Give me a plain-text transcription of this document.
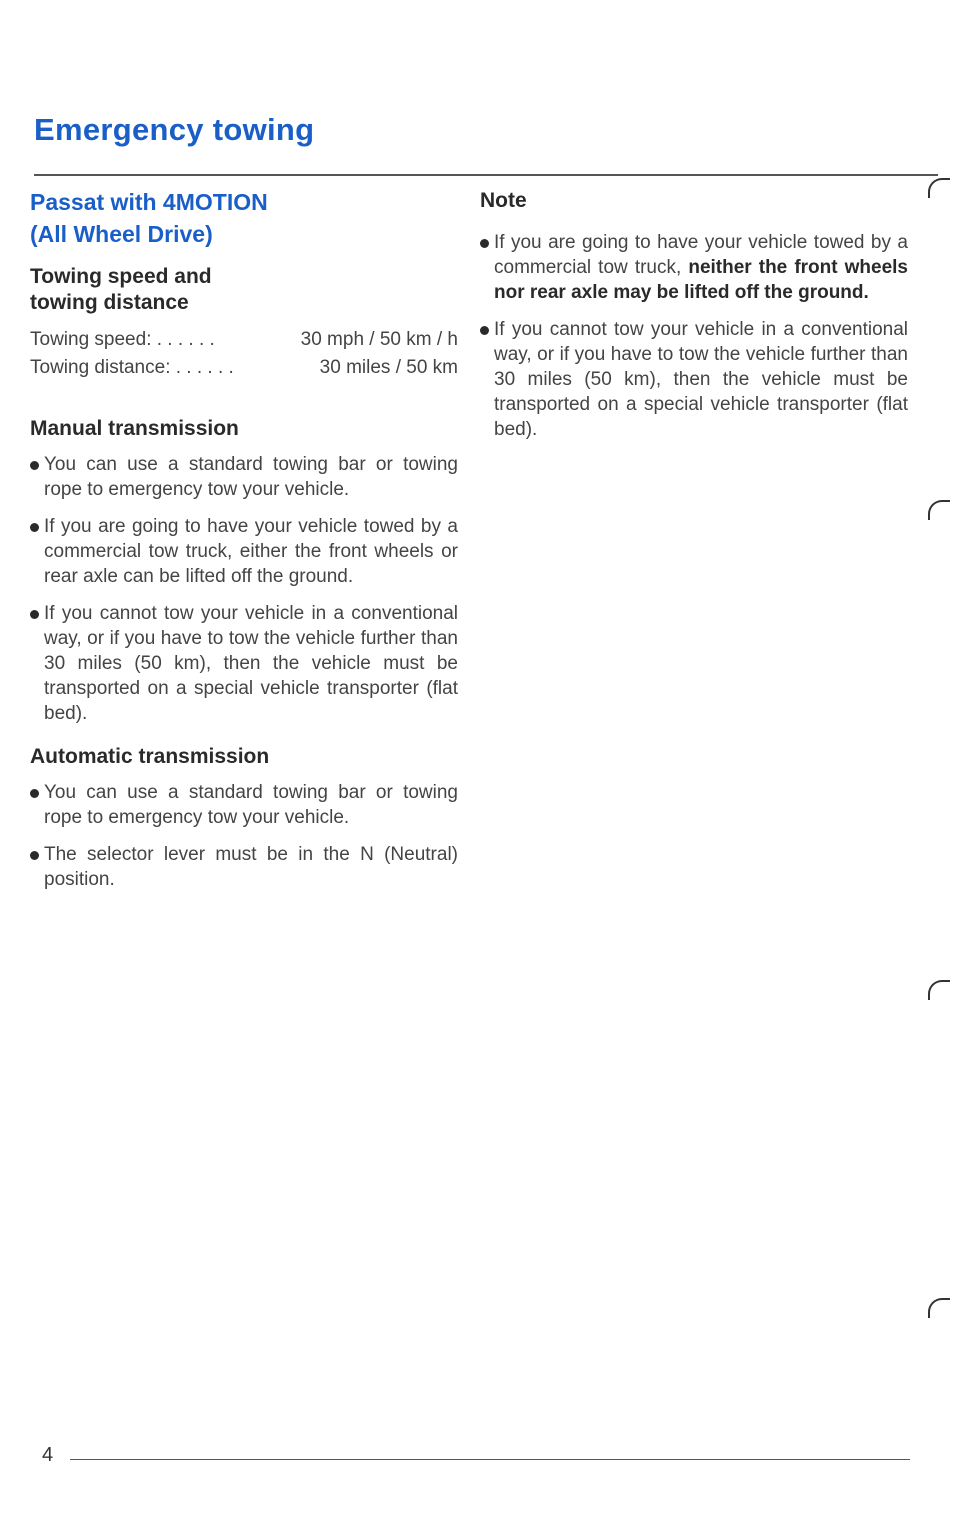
Emergency towing
Passat with 4MOTION
(All Wheel Drive)
Towing speed and
towing distance
Towing speed: . . . . . .	30 mph / 50 km / h
Towing distance: . . . . . .	30 miles / 50 km
Manual transmission

You can use a standard towing bar or towing rope to emergency tow your vehicle.

If you are going to have your vehicle towed by a commercial tow truck, either the front wheels or rear axle can be lifted off the ground.

If you cannot tow your vehicle in a conventional way, or if you have to tow the vehicle further than 30 miles (50 km), then the vehicle must be transported on a special vehicle transporter (flat bed).

Automatic transmission

You can use a standard towing bar or towing rope to emergency tow your vehicle.

The selector lever must be in the N (Neutral) position.

Note

If you are going to have your vehicle towed by a commercial tow truck, neither the front wheels nor rear axle may be lifted off the ground.

If you cannot tow your vehicle in a conventional way, or if you have to tow the vehicle further than 30 miles (50 km), then the vehicle must be transported on a special vehicle transporter (flat bed).

4
